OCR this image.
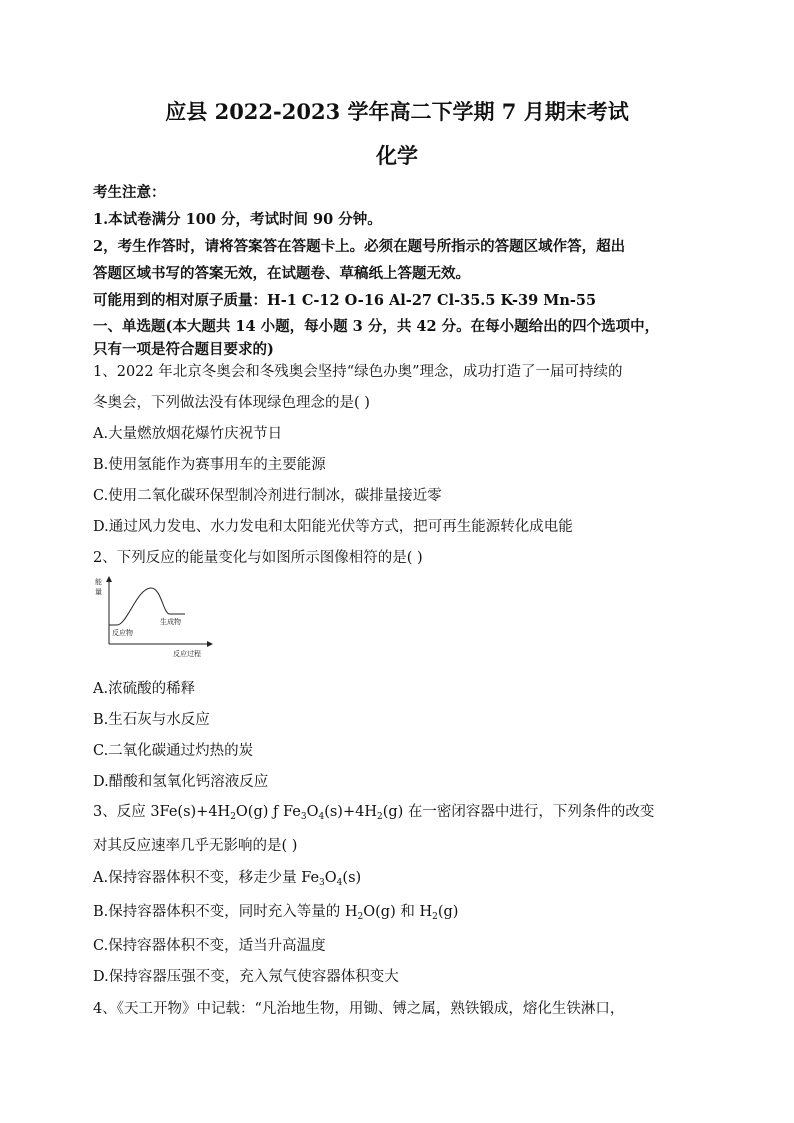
应县 2022-2023 学年高二下学期 7 月期末考试
化学
考生注意：
1.本试卷满分 100 分，考试时间 90 分钟。
2，考生作答时，请将答案答在答题卡上。必须在题号所指示的答题区域作答，超出
答题区域书写的答案无效，在试题卷、草稿纸上答题无效。
可能用到的相对原子质量：H-1 C-12 O-16 Al-27 Cl-35.5 K-39 Mn-55
一、单选题(本大题共 14 小题，每小题 3 分，共 42 分。在每小题给出的四个选项中，
只有一项是符合题目要求的)
1、2022 年北京冬奥会和冬残奥会坚持“绿色办奥”理念，成功打造了一届可持续的
冬奥会，下列做法没有体现绿色理念的是( )
A.大量燃放烟花爆竹庆祝节日
B.使用氢能作为赛事用车的主要能源
C.使用二氧化碳环保型制冷剂进行制冰，碳排量接近零
D.通过风力发电、水力发电和太阳能光伏等方式，把可再生能源转化成电能
2、下列反应的能量变化与如图所示图像相符的是( )
能
量
反应物
生成物
反应过程
A.浓硫酸的稀释
B.生石灰与水反应
C.二氧化碳通过灼热的炭
D.醋酸和氢氧化钙溶液反应
3、反应 $3Fe(s)+4H_2O(g)$ ƒ $Fe_3O_4(s)+4H_2(g)$ 在一密闭容器中进行，下列条件的改变
对其反应速率几乎无影响的是( )
A.保持容器体积不变，移走少量 $Fe_3O_4(s)$
B.保持容器体积不变，同时充入等量的 $H_2O(g)$ 和 $H_2(g)$
C.保持容器体积不变，适当升高温度
D.保持容器压强不变，充入氖气使容器体积变大
4、《天工开物》中记载：“凡治地生物，用锄、镈之属，熟铁锻成，熔化生铁淋口，
